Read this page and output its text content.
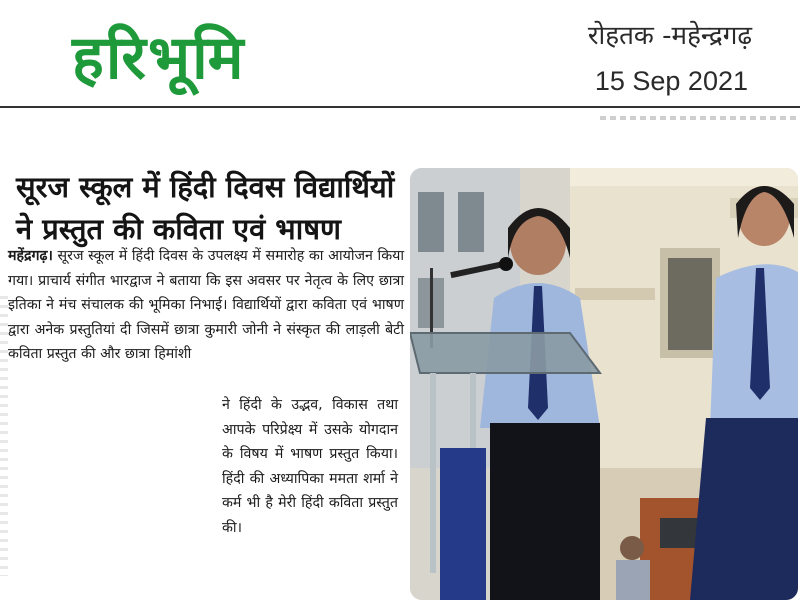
हरिभूमि	रोहतक -महेन्द्रगढ़
15 Sep 2021
सूरज स्कूल में हिंदी दिवस विद्यार्थियों
ने प्रस्तुत की कविता एवं भाषण
महेंद्रगढ़। सूरज स्कूल में हिंदी दिवस के उपलक्ष्य में समारोह का आयोजन किया गया। प्राचार्य संगीत भारद्वाज ने बताया कि इस अवसर पर नेतृत्व के लिए छात्रा इतिका ने मंच संचालक की भूमिका निभाई। विद्यार्थियों द्वारा कविता एवं भाषण द्वारा अनेक प्रस्तुतियां दी जिसमें छात्रा कुमारी जोनी ने संस्कृत की लाड़ली बेटी कविता प्रस्तुत की और छात्रा हिमांशी
ने हिंदी के उद्भव, विकास तथा आपके परिप्रेक्ष्य में उसके योगदान के विषय में भाषण प्रस्तुत किया। हिंदी की अध्यापिका ममता शर्मा ने कर्म भी है मेरी हिंदी कविता प्रस्तुत की।
